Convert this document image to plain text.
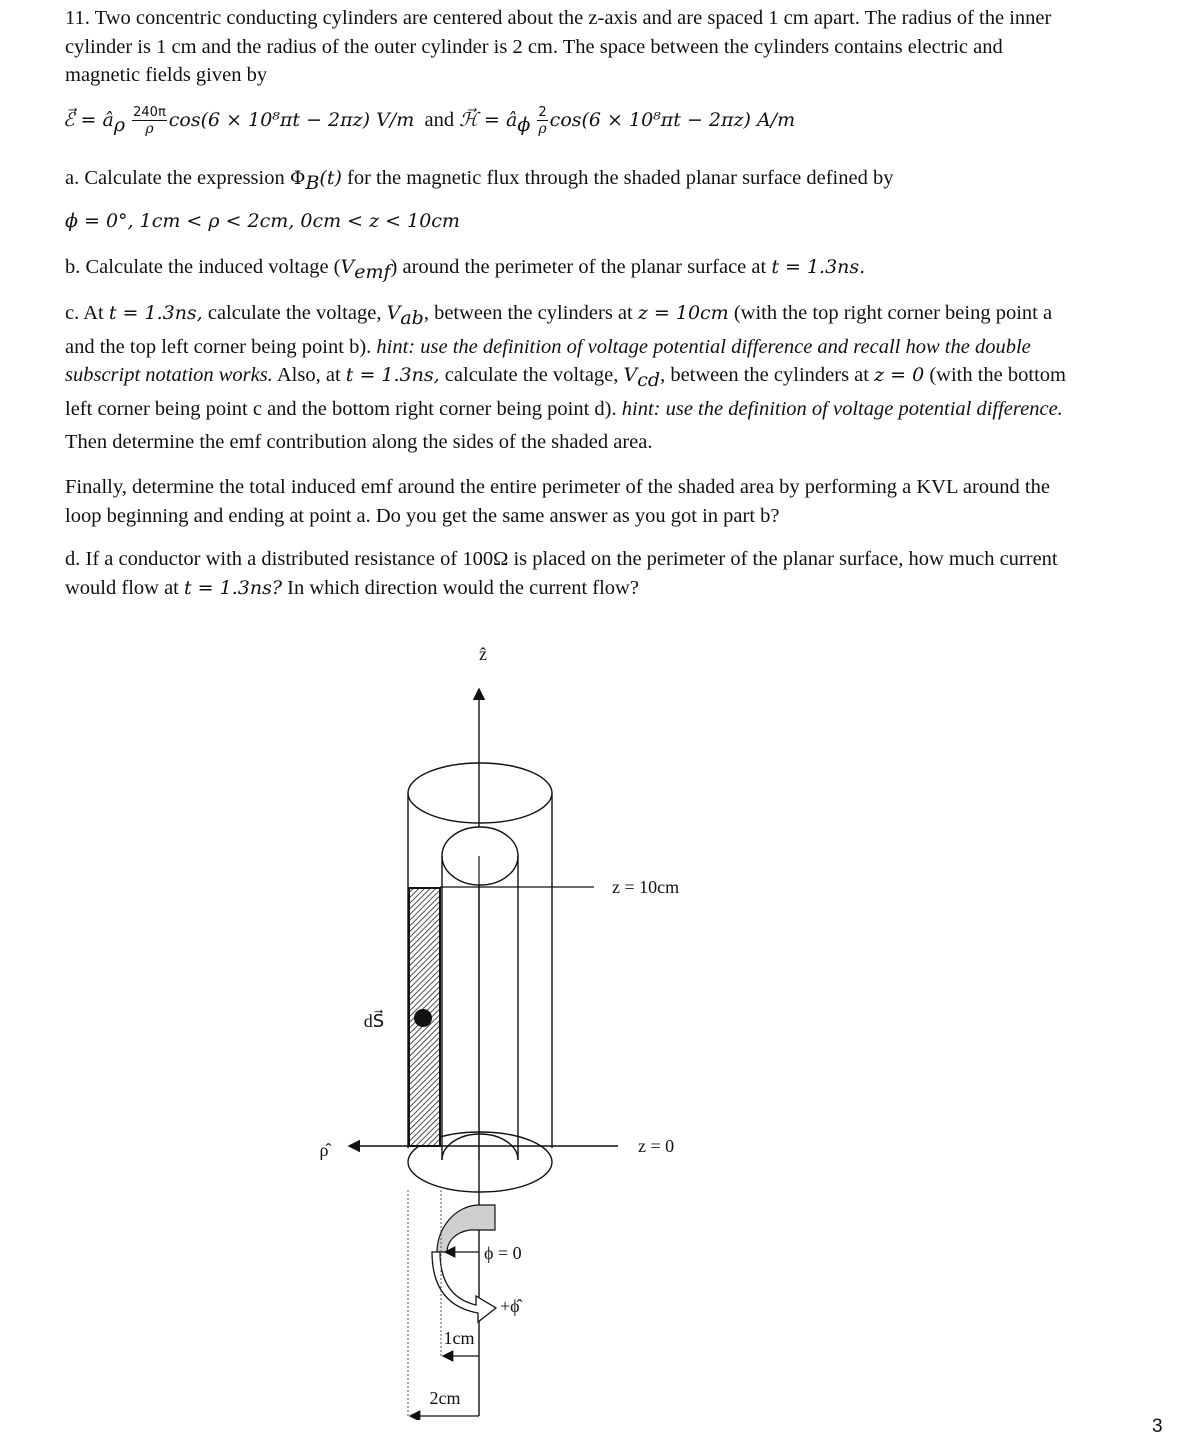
11. Two concentric conducting cylinders are centered about the z-axis and are spaced 1 cm apart. The radius of the inner
cylinder is 1 cm and the radius of the outer cylinder is 2 cm. The space between the cylinders contains electric and
magnetic fields given by

ℰ⃗ = $â_\rho \frac{240\pi}{\rho} \cos(6 \times 10^8\pi t - 2\pi z)$ V/m and ℋ⃗ = $â_\phi \frac{2}{\rho} \cos(6 \times 10^8\pi t - 2\pi z)$ A/m

a. Calculate the expression $\Phi_B(t)$ for the magnetic flux through the shaded planar surface defined by

ϕ = 0°, 1cm < ρ < 2cm, 0cm < z < 10cm

b. Calculate the induced voltage $(V_{emf})$ around the perimeter of the planar surface at t = 1.3ns.

c. At t = 1.3ns, calculate the voltage, $V_{ab}$, between the cylinders at z = 10cm (with the top right corner being point a
and the top left corner being point b). hint: use the definition of voltage potential difference and recall how the double
subscript notation works. Also, at t = 1.3ns, calculate the voltage, $V_{cd}$, between the cylinders at z = 0 (with the bottom
left corner being point c and the bottom right corner being point d). hint: use the definition of voltage potential difference.

Then determine the emf contribution along the sides of the shaded area.

Finally, determine the total induced emf around the entire perimeter of the shaded area by performing a KVL around the
loop beginning and ending at point a. Do you get the same answer as you got in part b?

d. If a conductor with a distributed resistance of 100Ω is placed on the perimeter of the planar surface, how much current
would flow at t = 1.3ns? In which direction would the current flow?

ẑ
dS⃗
z = 10cm
ρ̂	z = 0
ϕ = 0
+ϕ̂
1cm
2cm
3
